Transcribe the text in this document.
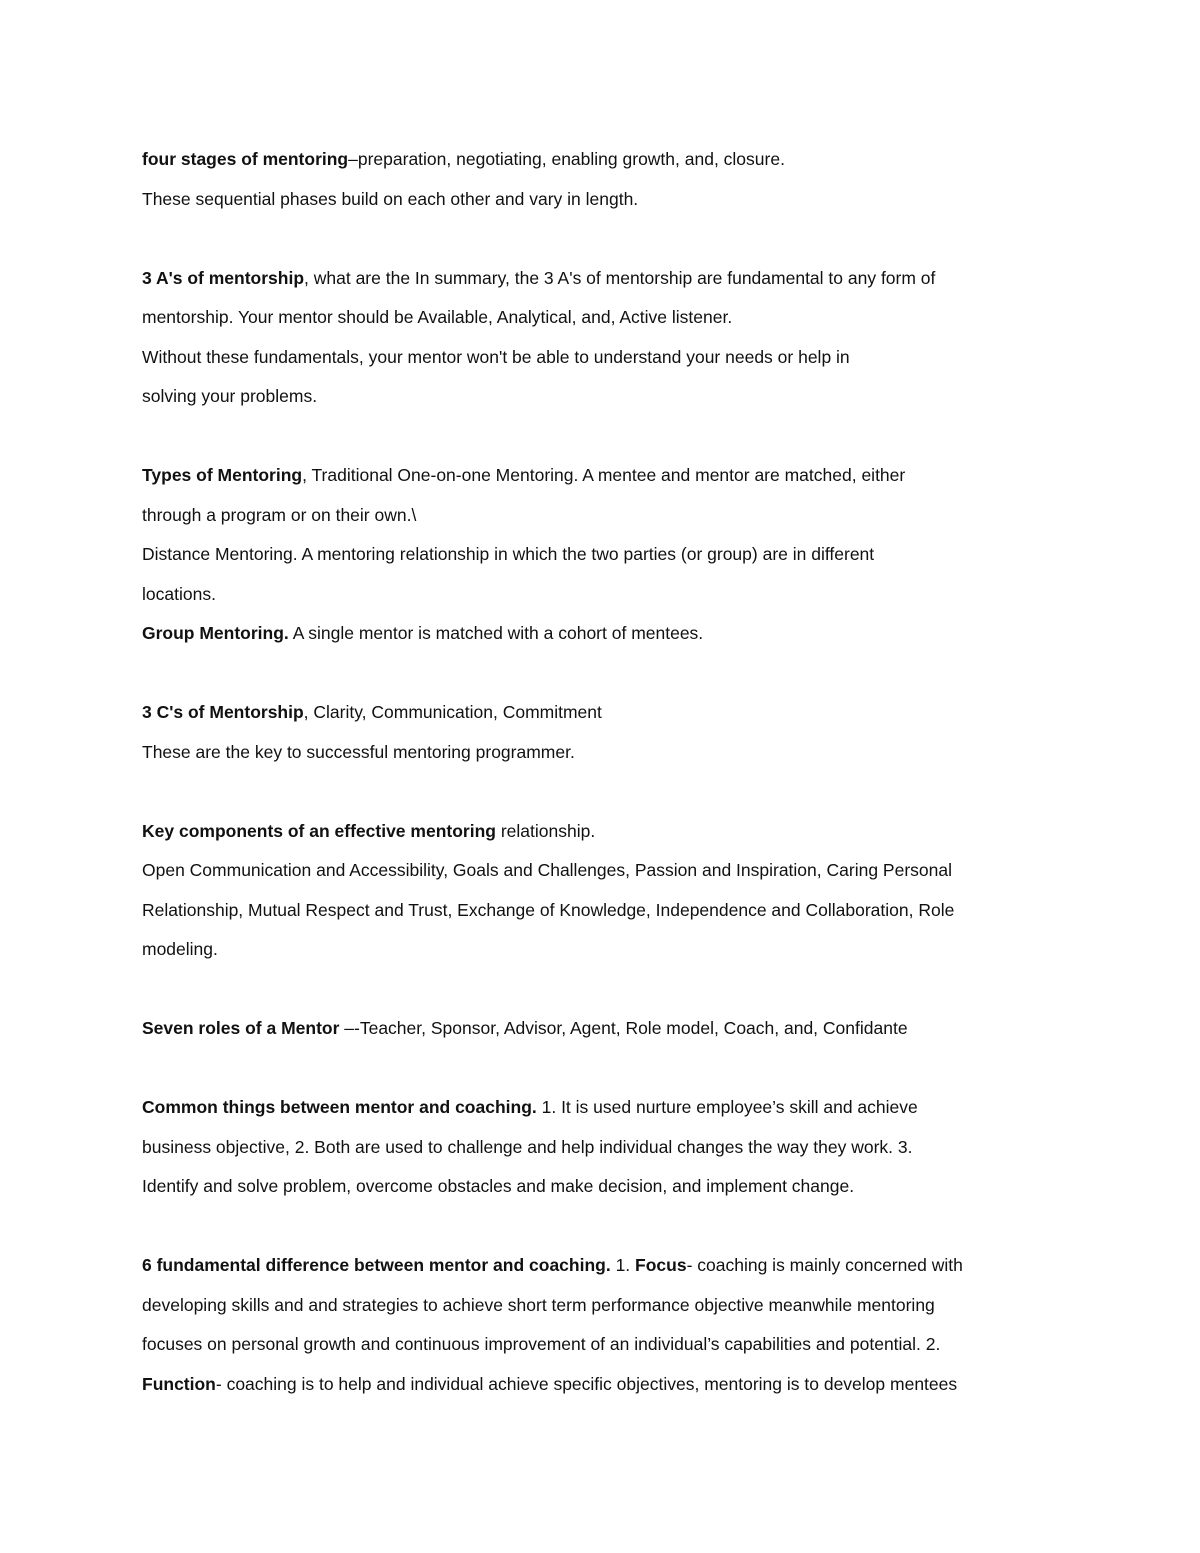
four stages of mentoring–preparation, negotiating, enabling growth, and, closure.
These sequential phases build on each other and vary in length.
3 A's of mentorship, what are the In summary, the 3 A's of mentorship are fundamental to any form of
mentorship. Your mentor should be Available, Analytical, and, Active listener.
Without these fundamentals, your mentor won't be able to understand your needs or help in
solving your problems.
Types of Mentoring, Traditional One-on-one Mentoring. A mentee and mentor are matched, either
through a program or on their own.\
Distance Mentoring. A mentoring relationship in which the two parties (or group) are in different
locations.
Group Mentoring. A single mentor is matched with a cohort of mentees.
3 C's of Mentorship, Clarity, Communication, Commitment
These are the key to successful mentoring programmer.
Key components of an effective mentoring relationship.
Open Communication and Accessibility, Goals and Challenges, Passion and Inspiration, Caring Personal
Relationship, Mutual Respect and Trust, Exchange of Knowledge, Independence and Collaboration, Role
modeling.
Seven roles of a Mentor –-Teacher, Sponsor, Advisor, Agent, Role model, Coach, and, Confidante
Common things between mentor and coaching. 1. It is used nurture employee’s skill and achieve
business objective, 2. Both are used to challenge and help individual changes the way they work. 3.
Identify and solve problem, overcome obstacles and make decision, and implement change.
6 fundamental difference between mentor and coaching. 1. Focus- coaching is mainly concerned with
developing skills and and strategies to achieve short term performance objective meanwhile mentoring
focuses on personal growth and continuous improvement of an individual’s capabilities and potential. 2.
Function- coaching is to help and individual achieve specific objectives, mentoring is to develop mentees
